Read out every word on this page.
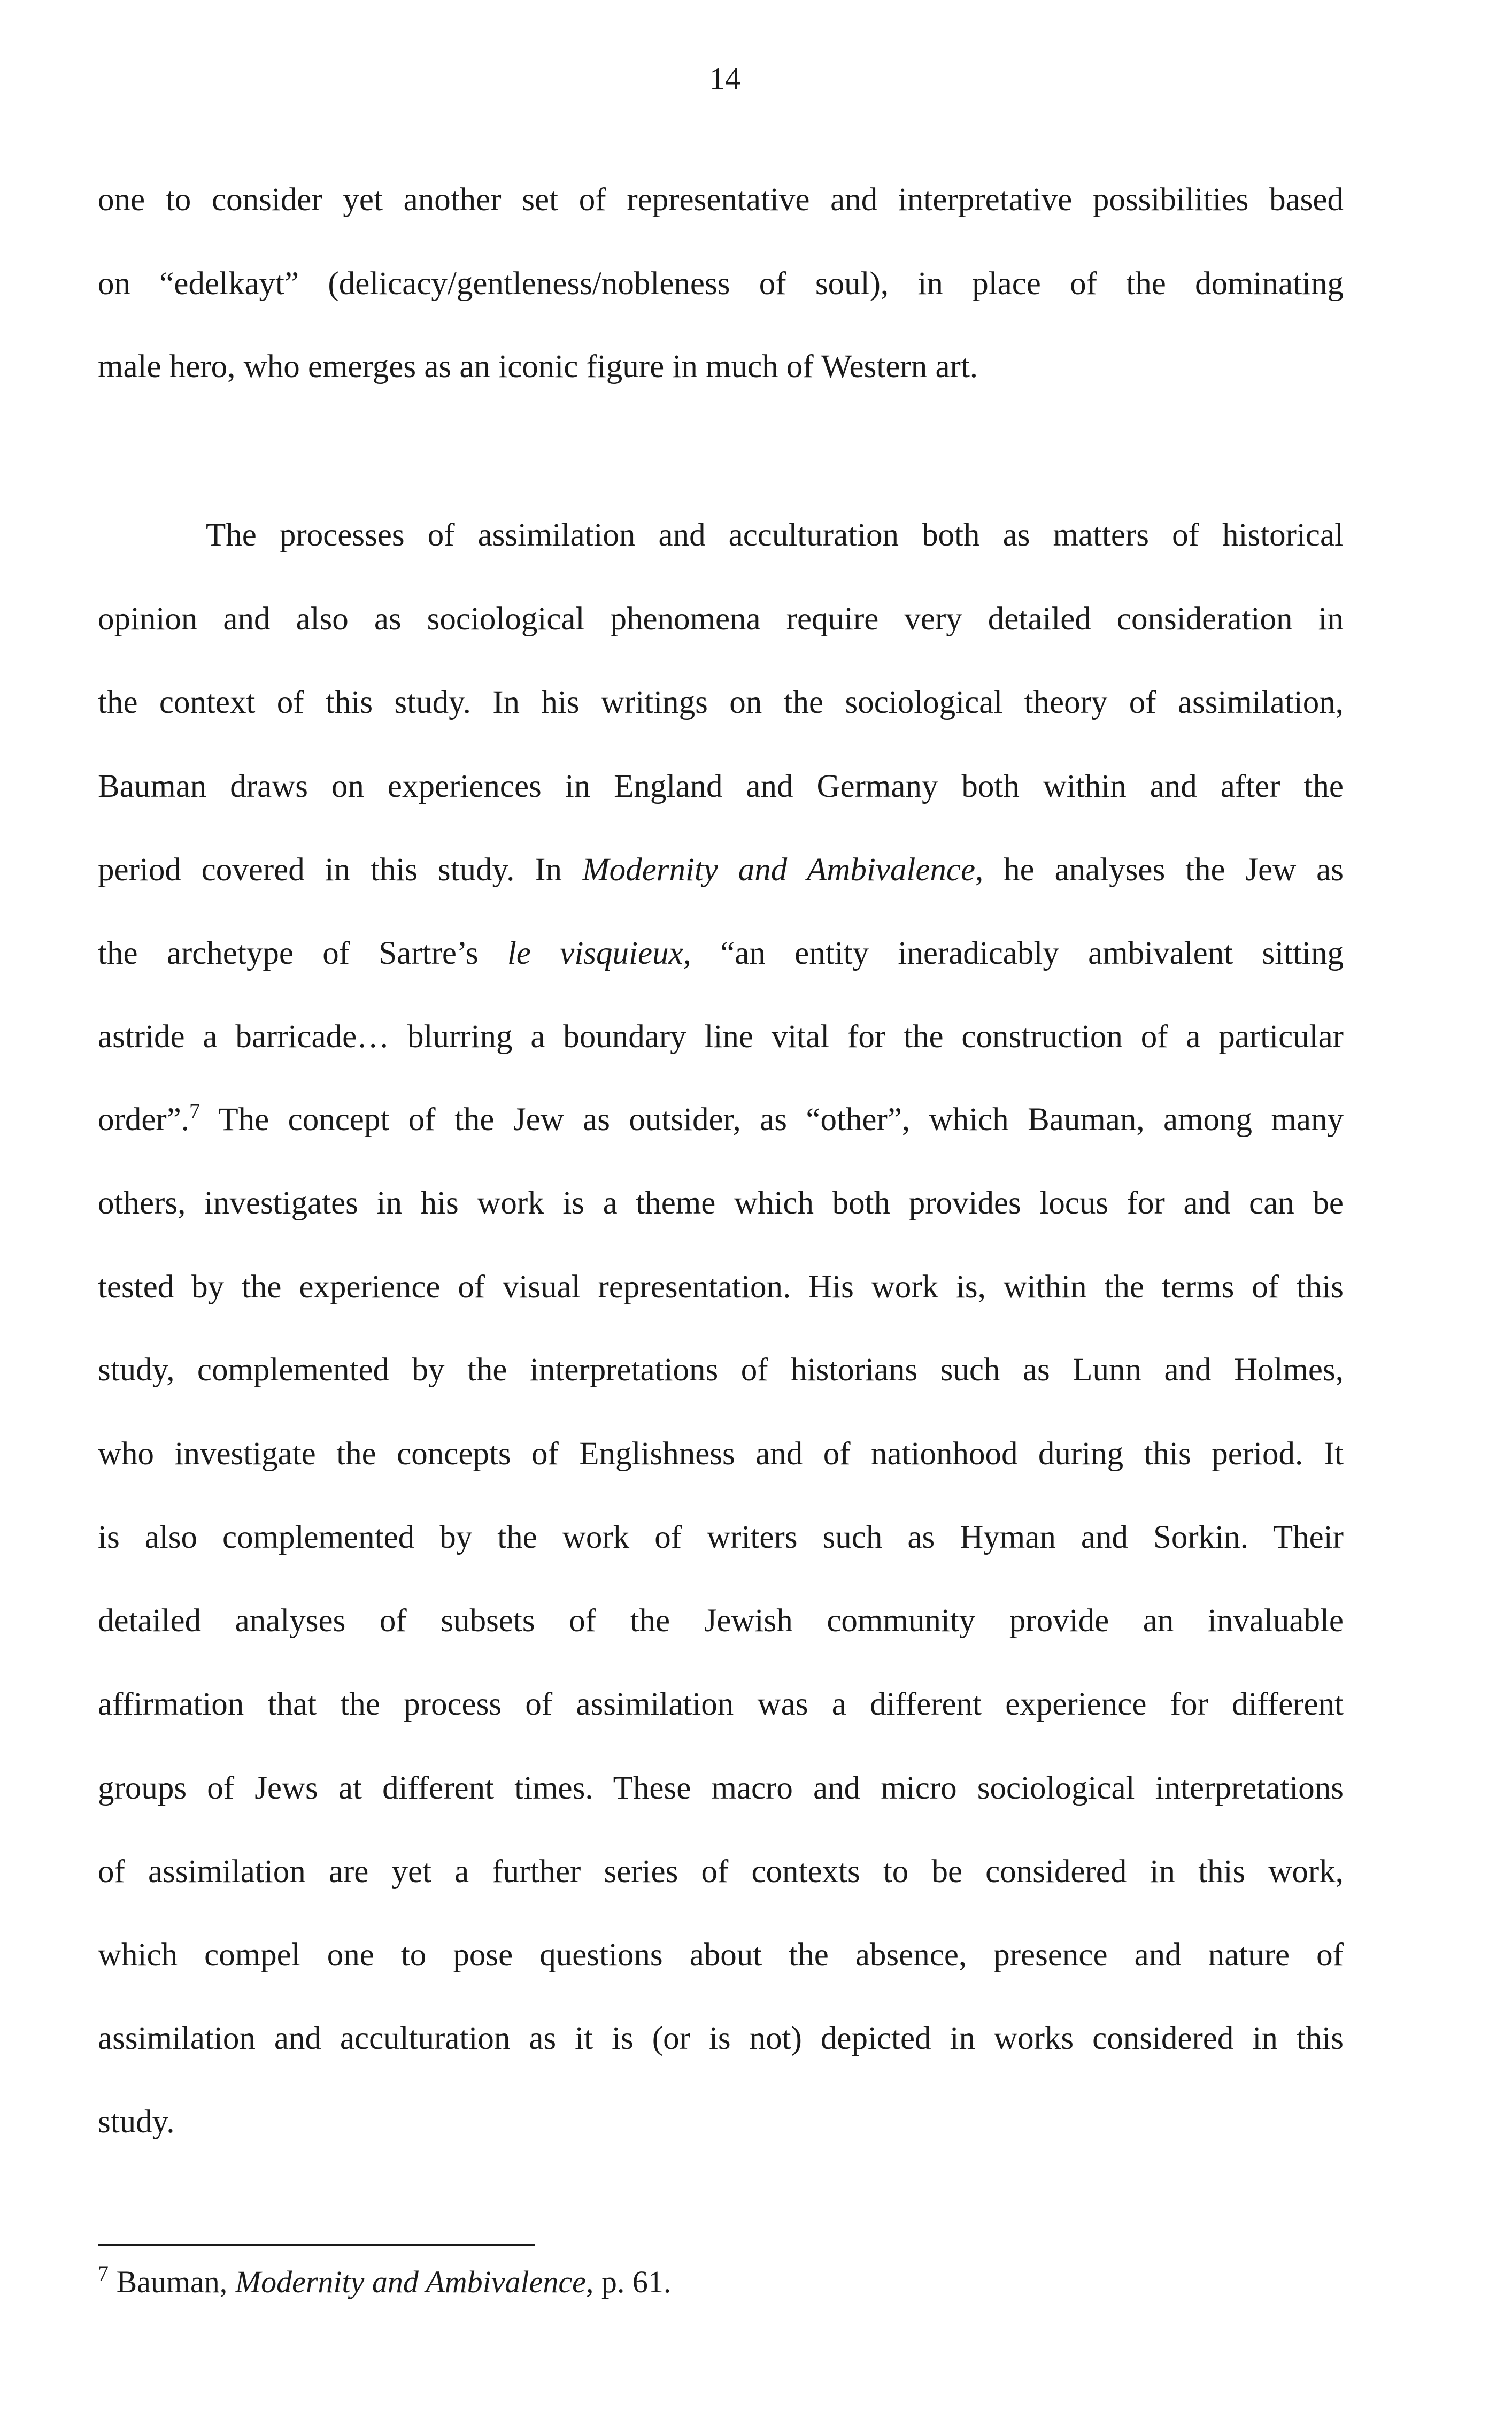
14
one to consider yet another set of representative and interpretative possibilities based
on “edelkayt” (delicacy/gentleness/nobleness of soul), in place of the dominating
male hero, who emerges as an iconic figure in much of Western art.
The processes of assimilation and acculturation both as matters of historical
opinion and also as sociological phenomena require very detailed consideration in
the context of this study. In his writings on the sociological theory of assimilation,
Bauman draws on experiences in England and Germany both within and after the
period covered in this study. In Modernity and Ambivalence, he analyses the Jew as
the archetype of Sartre’s le visquieux, “an entity ineradicably ambivalent sitting
astride a barricade… blurring a boundary line vital for the construction of a particular
order”.$^7$ The concept of the Jew as outsider, as “other”, which Bauman, among many
others, investigates in his work is a theme which both provides locus for and can be
tested by the experience of visual representation. His work is, within the terms of this
study, complemented by the interpretations of historians such as Lunn and Holmes,
who investigate the concepts of Englishness and of nationhood during this period. It
is also complemented by the work of writers such as Hyman and Sorkin. Their
detailed analyses of subsets of the Jewish community provide an invaluable
affirmation that the process of assimilation was a different experience for different
groups of Jews at different times. These macro and micro sociological interpretations
of assimilation are yet a further series of contexts to be considered in this work,
which compel one to pose questions about the absence, presence and nature of
assimilation and acculturation as it is (or is not) depicted in works considered in this
study.
$^7$ Bauman, Modernity and Ambivalence, p. 61.
